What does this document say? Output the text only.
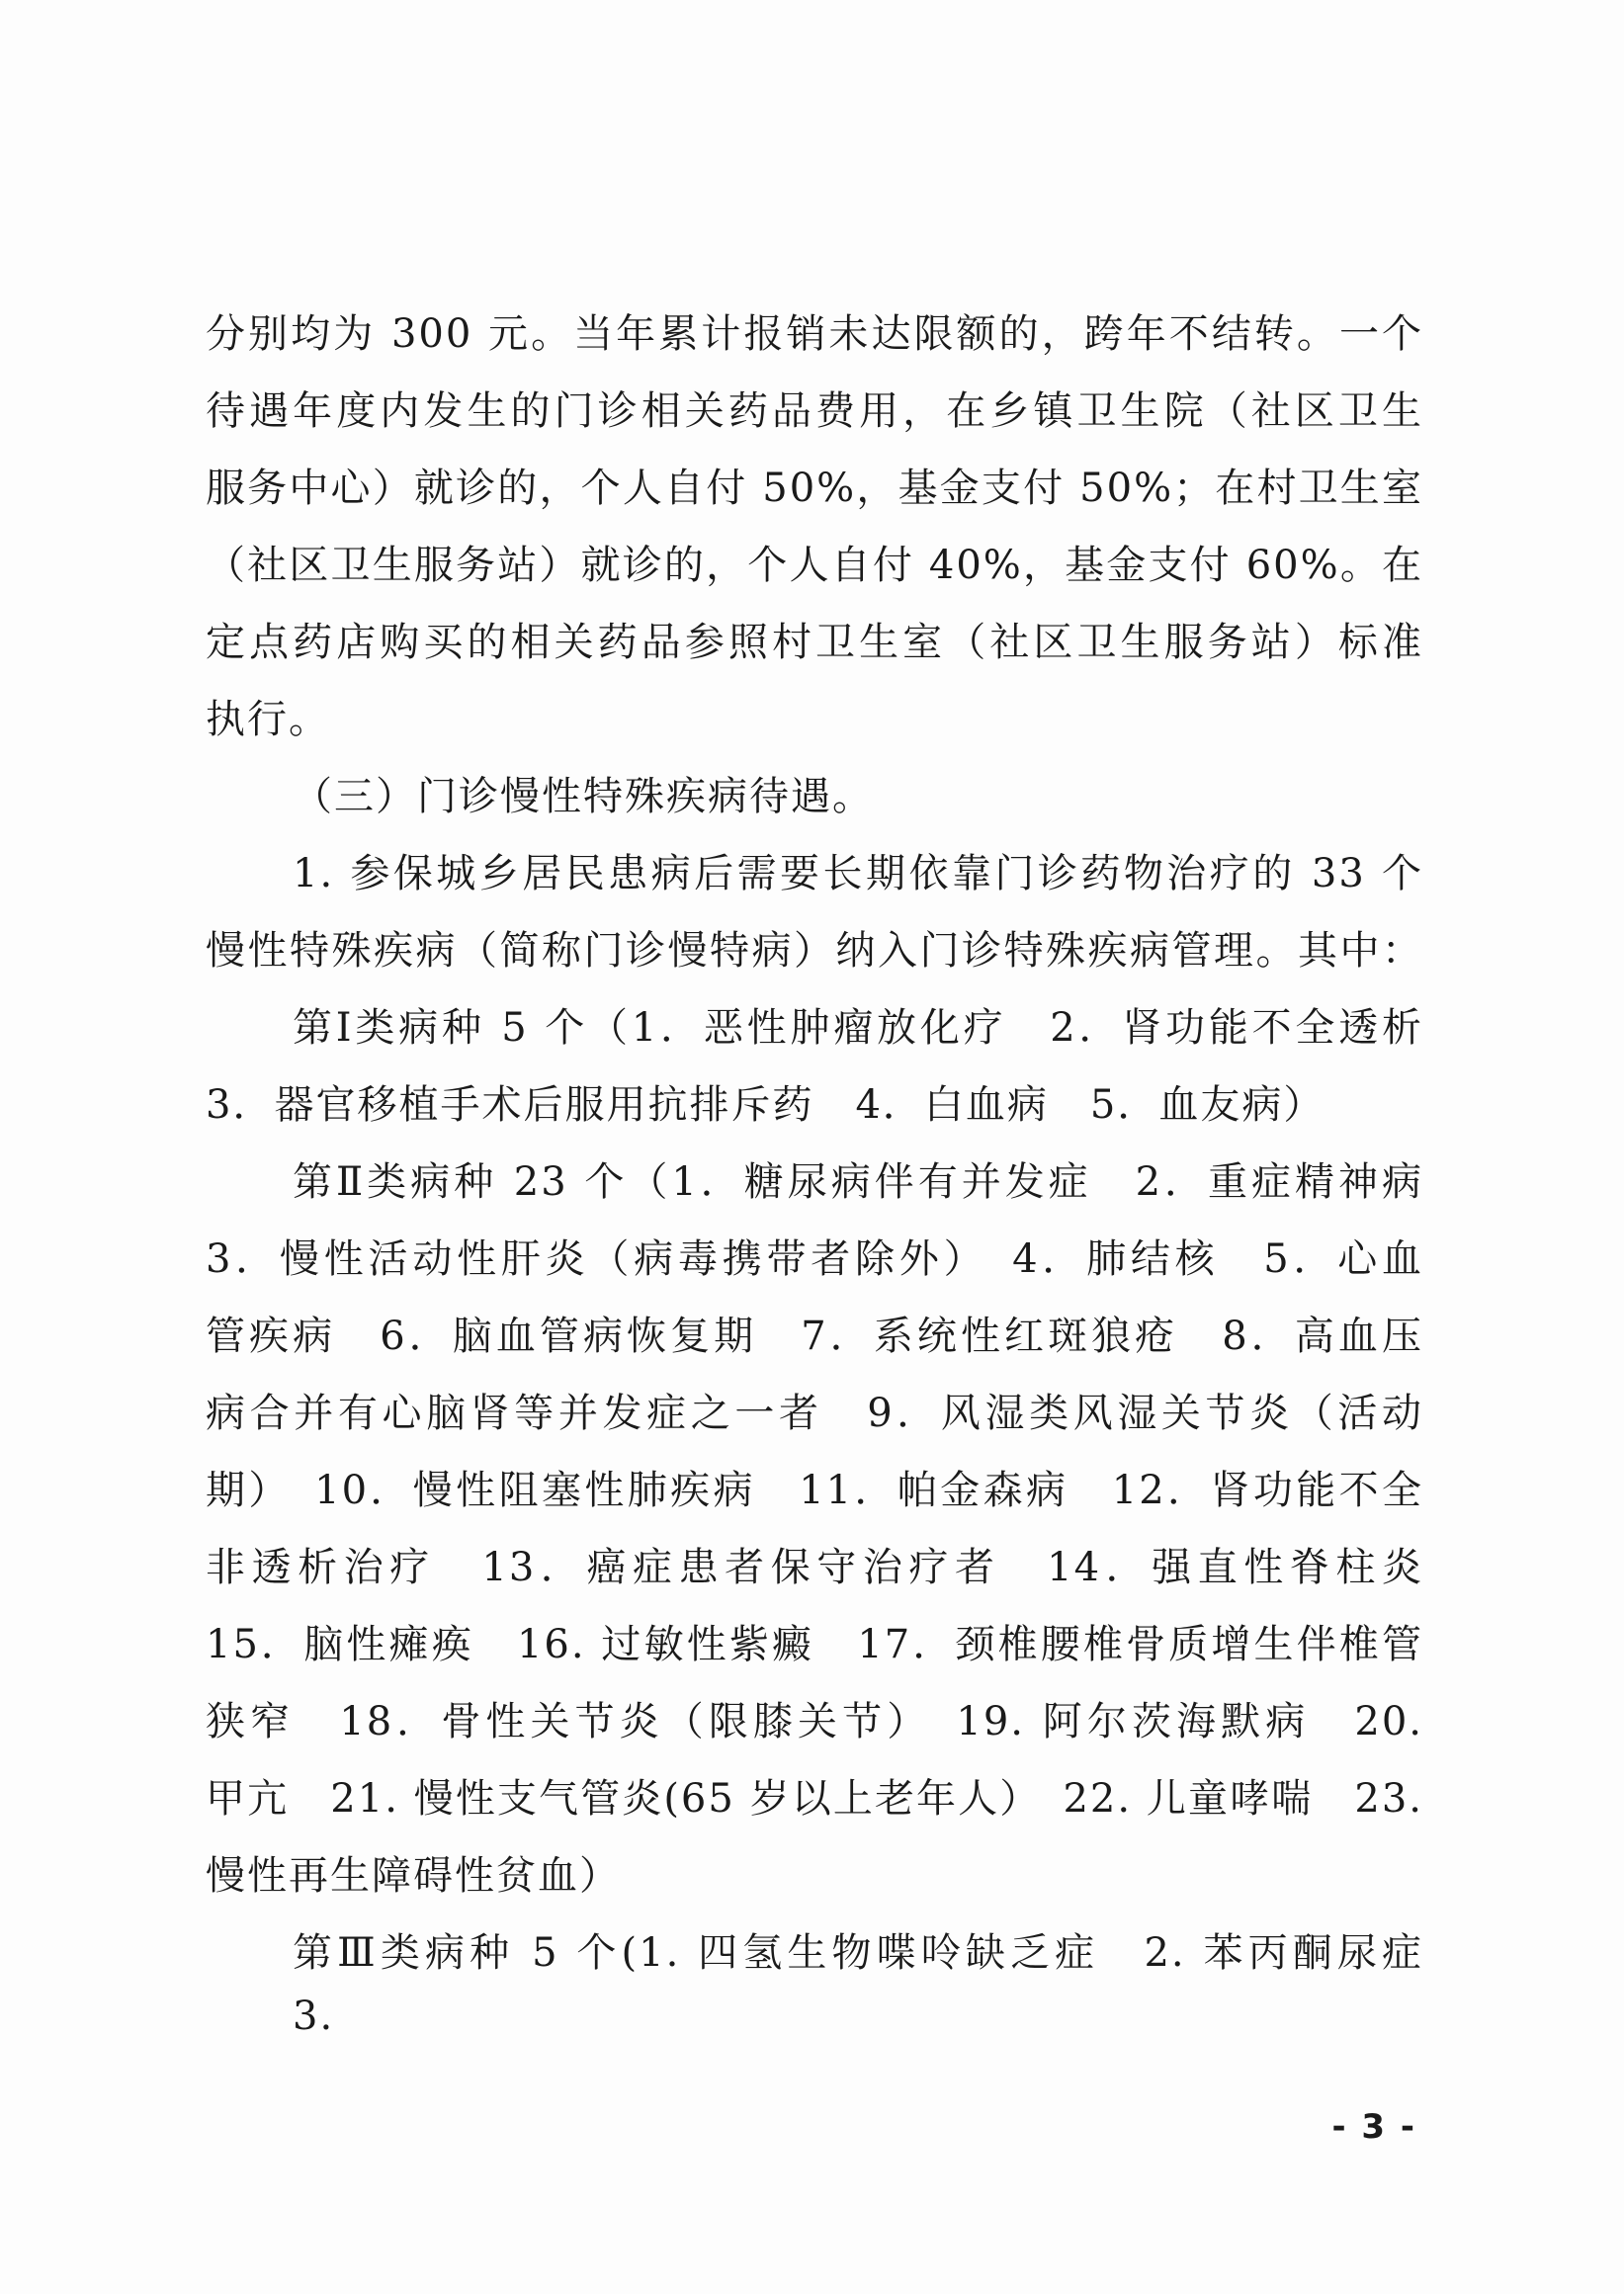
分别均为 300 元。当年累计报销未达限额的，跨年不结转。一个
待遇年度内发生的门诊相关药品费用，在乡镇卫生院（社区卫生
服务中心）就诊的，个人自付 50%，基金支付 50%；在村卫生室
（社区卫生服务站）就诊的，个人自付 40%，基金支付 60%。在
定点药店购买的相关药品参照村卫生室（社区卫生服务站）标准
执行。
（三）门诊慢性特殊疾病待遇。
1. 参保城乡居民患病后需要长期依靠门诊药物治疗的 33 个
慢性特殊疾病（简称门诊慢特病）纳入门诊特殊疾病管理。其中：
第Ⅰ类病种 5 个（1．恶性肿瘤放化疗　2．肾功能不全透析
3．器官移植手术后服用抗排斥药　4．白血病　5．血友病）
第Ⅱ类病种 23 个（1．糖尿病伴有并发症　2．重症精神病
3．慢性活动性肝炎（病毒携带者除外）　4．肺结核　5．心血
管疾病　6．脑血管病恢复期　7．系统性红斑狼疮　8．高血压
病合并有心脑肾等并发症之一者　9．风湿类风湿关节炎（活动
期）　10．慢性阻塞性肺疾病　11．帕金森病　12．肾功能不全
非透析治疗　13．癌症患者保守治疗者　14．强直性脊柱炎
15．脑性瘫痪　16. 过敏性紫癜　17．颈椎腰椎骨质增生伴椎管
狭窄　18．骨性关节炎（限膝关节）　19. 阿尔茨海默病　20.
甲亢　21. 慢性支气管炎(65 岁以上老年人）　22. 儿童哮喘　23.
慢性再生障碍性贫血）
第Ⅲ类病种 5 个(1. 四氢生物喋呤缺乏症　2. 苯丙酮尿症　3.
- 3 -
